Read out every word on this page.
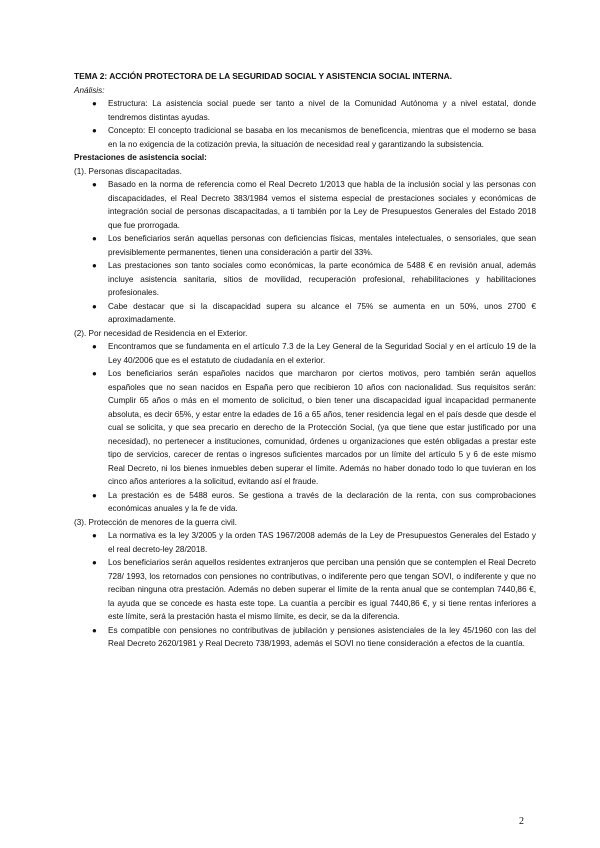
TEMA 2: ACCIÓN PROTECTORA DE LA SEGURIDAD SOCIAL Y ASISTENCIA SOCIAL INTERNA.

Análisis:

● Estructura: La asistencia social puede ser tanto a nivel de la Comunidad Autónoma y a nivel estatal, donde tendremos distintas ayudas.
● Concepto: El concepto tradicional se basaba en los mecanismos de beneficencia, mientras que el moderno se basa en la no exigencia de la cotización previa, la situación de necesidad real y garantizando la subsistencia.

Prestaciones de asistencia social:

(1). Personas discapacitadas.

● Basado en la norma de referencia como el Real Decreto 1/2013 que habla de la inclusión social y las personas con discapacidades, el Real Decreto 383/1984 vemos el sistema especial de prestaciones sociales y económicas de integración social de personas discapacitadas, a ti también por la Ley de Presupuestos Generales del Estado 2018 que fue prorrogada.
● Los beneficiarios serán aquellas personas con deficiencias físicas, mentales intelectuales, o sensoriales, que sean previsiblemente permanentes, tienen una consideración a partir del 33%.
● Las prestaciones son tanto sociales como económicas, la parte económica de 5488 € en revisión anual, además incluye asistencia sanitaria, sitios de movilidad, recuperación profesional, rehabilitaciones y habilitaciones profesionales.
● Cabe destacar que si la discapacidad supera su alcance el 75% se aumenta en un 50%, unos 2700 € aproximadamente.

(2). Por necesidad de Residencia en el Exterior.

● Encontramos que se fundamenta en el artículo 7.3 de la Ley General de la Seguridad Social y en el artículo 19 de la Ley 40/2006 que es el estatuto de ciudadanía en el exterior.
● Los beneficiarios serán españoles nacidos que marcharon por ciertos motivos, pero también serán aquellos españoles que no sean nacidos en España pero que recibieron 10 años con nacionalidad. Sus requisitos serán: Cumplir 65 años o más en el momento de solicitud, o bien tener una discapacidad igual incapacidad permanente absoluta, es decir 65%, y estar entre la edades de 16 a 65 años, tener residencia legal en el país desde que desde el cual se solicita, y que sea precario en derecho de la Protección Social, (ya que tiene que estar justificado por una necesidad), no pertenecer a instituciones, comunidad, órdenes u organizaciones que estén obligadas a prestar este tipo de servicios, carecer de rentas o ingresos suficientes marcados por un límite del artículo 5 y 6 de este mismo Real Decreto, ni los bienes inmuebles deben superar el límite. Además no haber donado todo lo que tuvieran en los cinco años anteriores a la solicitud, evitando así el fraude.
● La prestación es de 5488 euros. Se gestiona a través de la declaración de la renta, con sus comprobaciones económicas anuales y la fe de vida.

(3). Protección de menores de la guerra civil.

● La normativa es la ley 3/2005 y la orden TAS 1967/2008 además de la Ley de Presupuestos Generales del Estado y el real decreto-ley 28/2018.
● Los beneficiarios serán aquellos residentes extranjeros que perciban una pensión que se contemplen el Real Decreto 728/ 1993, los retornados con pensiones no contributivas, o indiferente pero que tengan SOVI, o indiferente y que no reciban ninguna otra prestación. Además no deben superar el límite de la renta anual que se contemplan 7440,86 €, la ayuda que se concede es hasta este tope. La cuantía a percibir es igual 7440,86 €, y si tiene rentas inferiores a este límite, será la prestación hasta el mismo límite, es decir, se da la diferencia.
● Es compatible con pensiones no contributivas de jubilación y pensiones asistenciales de la ley 45/1960 con las del Real Decreto 2620/1981 y Real Decreto 738/1993, además el SOVI no tiene consideración a efectos de la cuantía.
2
